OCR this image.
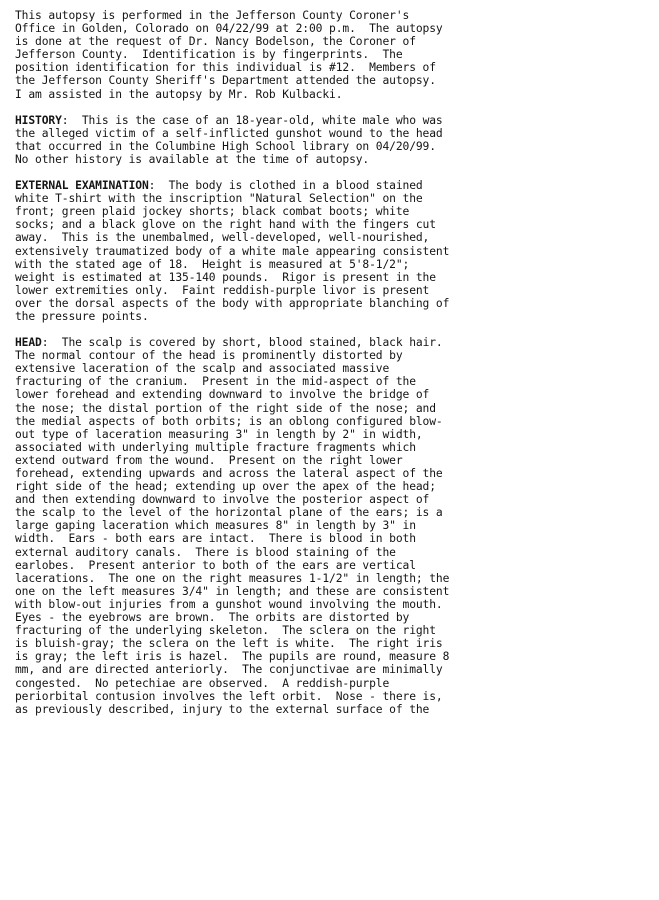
This autopsy is performed in the Jefferson County Coroner's
Office in Golden, Colorado on 04/22/99 at 2:00 p.m.  The autopsy
is done at the request of Dr. Nancy Bodelson, the Coroner of
Jefferson County.  Identification is by fingerprints.  The
position identification for this individual is #12.  Members of
the Jefferson County Sheriff's Department attended the autopsy.
I am assisted in the autopsy by Mr. Rob Kulbacki.
HISTORY:  This is the case of an 18-year-old, white male who was
the alleged victim of a self-inflicted gunshot wound to the head
that occurred in the Columbine High School library on 04/20/99.
No other history is available at the time of autopsy.
EXTERNAL EXAMINATION:  The body is clothed in a blood stained
white T-shirt with the inscription "Natural Selection" on the
front; green plaid jockey shorts; black combat boots; white
socks; and a black glove on the right hand with the fingers cut
away.  This is the unembalmed, well-developed, well-nourished,
extensively traumatized body of a white male appearing consistent
with the stated age of 18.  Height is measured at 5'8-1/2";
weight is estimated at 135-140 pounds.  Rigor is present in the
lower extremities only.  Faint reddish-purple livor is present
over the dorsal aspects of the body with appropriate blanching of
the pressure points.
HEAD:  The scalp is covered by short, blood stained, black hair.
The normal contour of the head is prominently distorted by
extensive laceration of the scalp and associated massive
fracturing of the cranium.  Present in the mid-aspect of the
lower forehead and extending downward to involve the bridge of
the nose; the distal portion of the right side of the nose; and
the medial aspects of both orbits; is an oblong configured blow-
out type of laceration measuring 3" in length by 2" in width,
associated with underlying multiple fracture fragments which
extend outward from the wound.  Present on the right lower
forehead, extending upwards and across the lateral aspect of the
right side of the head; extending up over the apex of the head;
and then extending downward to involve the posterior aspect of
the scalp to the level of the horizontal plane of the ears; is a
large gaping laceration which measures 8" in length by 3" in
width.  Ears - both ears are intact.  There is blood in both
external auditory canals.  There is blood staining of the
earlobes.  Present anterior to both of the ears are vertical
lacerations.  The one on the right measures 1-1/2" in length; the
one on the left measures 3/4" in length; and these are consistent
with blow-out injuries from a gunshot wound involving the mouth.
Eyes - the eyebrows are brown.  The orbits are distorted by
fracturing of the underlying skeleton.  The sclera on the right
is bluish-gray; the sclera on the left is white.  The right iris
is gray; the left iris is hazel.  The pupils are round, measure 8
mm, and are directed anteriorly.  The conjunctivae are minimally
congested.  No petechiae are observed.  A reddish-purple
periorbital contusion involves the left orbit.  Nose - there is,
as previously described, injury to the external surface of the
